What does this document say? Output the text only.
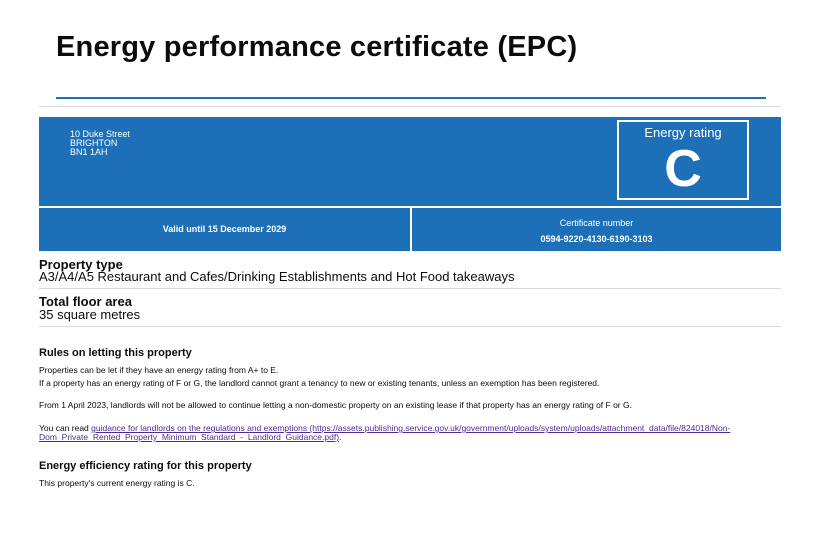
Energy performance certificate (EPC)
10 Duke Street
BRIGHTON
BN1 1AH
Energy rating
C
Valid until 15 December 2029
Certificate number
0594-9220-4130-6190-3103
Property type

A3/A4/A5 Restaurant and Cafes/Drinking Establishments and Hot Food takeaways

Total floor area

35 square metres

Rules on letting this property

Properties can be let if they have an energy rating from A+ to E.

If a property has an energy rating of F or G, the landlord cannot grant a tenancy to new or existing tenants, unless an exemption has been registered.

From 1 April 2023, landlords will not be allowed to continue letting a non-domestic property on an existing lease if that property has an energy rating of F or G.

You can read guidance for landlords on the regulations and exemptions (https://assets.publishing.service.gov.uk/government/uploads/system/uploads/attachment_data/file/824018/Non-Dom_Private_Rented_Property_Minimum_Standard_-_Landlord_Guidance.pdf).

Energy efficiency rating for this property

This property's current energy rating is C.
